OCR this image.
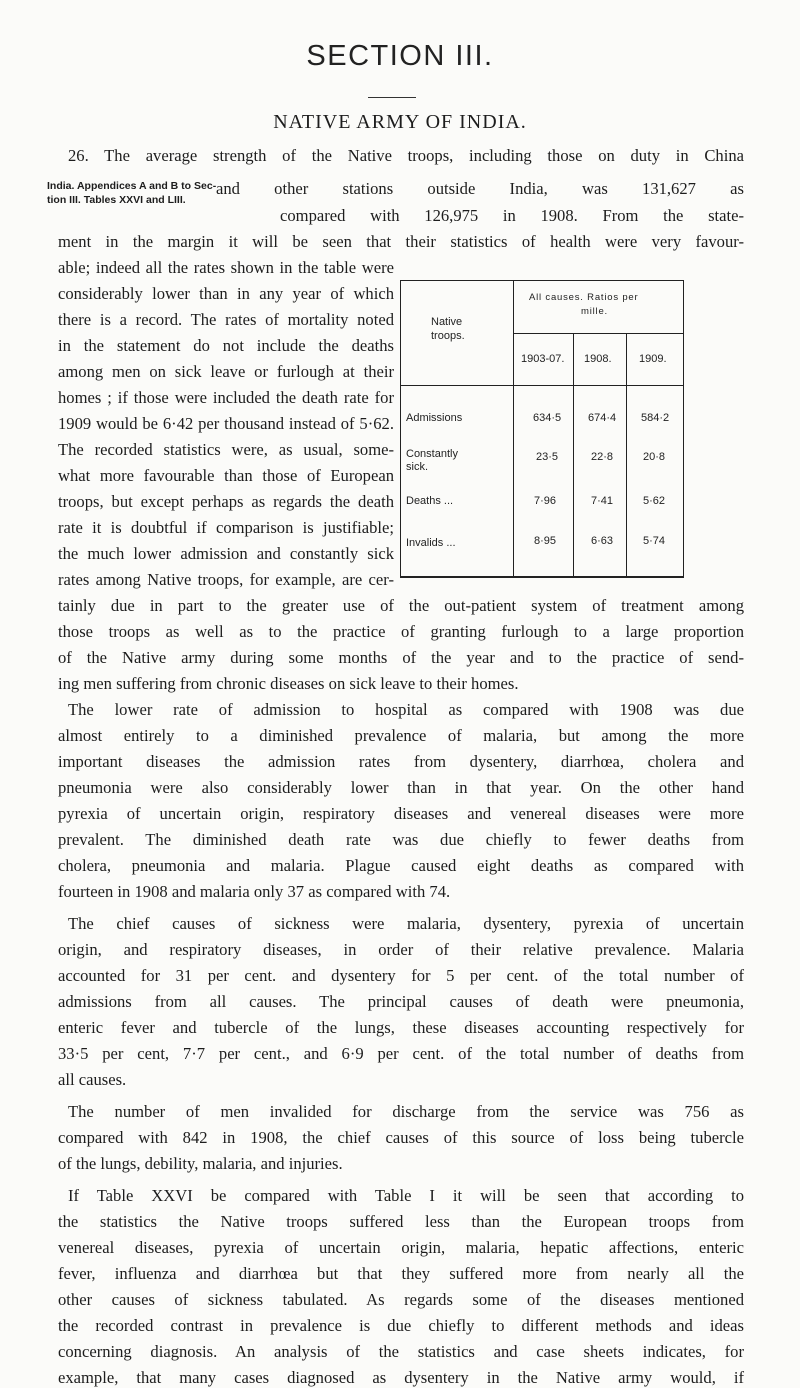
SECTION III.
NATIVE ARMY OF INDIA.
India. Appendices A and B to Sec-
tion III. Tables XXVI and LIII.
Native
troops.
All causes. Ratios per
mille.
1903-07. 1908. 1909.
Admissions	634·5 674·4 584·2
Constantly
sick.
23·5	22·8	20·8
Deaths ...	7·96	7·41	5·62
Invalids ...	8·95	6·63	5·74
26. The average strength of the Native troops, including those on duty in China
and other stations outside India, was 131,627 as
compared with 126,975 in 1908. From the state-
ment in the margin it will be seen that their statistics of health were very favour-
able; indeed all the rates shown in the table were
considerably lower than in any year of which
there is a record. The rates of mortality noted
in the statement do not include the deaths
among men on sick leave or furlough at their
homes ; if those were included the death rate for
1909 would be 6·42 per thousand instead of 5·62.
The recorded statistics were, as usual, some-
what more favourable than those of European
troops, but except perhaps as regards the death
rate it is doubtful if comparison is justifiable;
the much lower admission and constantly sick
rates among Native troops, for example, are cer-
tainly due in part to the greater use of the out-patient system of treatment among
those troops as well as to the practice of granting furlough to a large proportion
of the Native army during some months of the year and to the practice of send-
ing men suffering from chronic diseases on sick leave to their homes.
The lower rate of admission to hospital as compared with 1908 was due
almost entirely to a diminished prevalence of malaria, but among the more
important diseases the admission rates from dysentery, diarrhœa, cholera and
pneumonia were also considerably lower than in that year. On the other hand
pyrexia of uncertain origin, respiratory diseases and venereal diseases were more
prevalent. The diminished death rate was due chiefly to fewer deaths from
cholera, pneumonia and malaria. Plague caused eight deaths as compared with
fourteen in 1908 and malaria only 37 as compared with 74.
The chief causes of sickness were malaria, dysentery, pyrexia of uncertain
origin, and respiratory diseases, in order of their relative prevalence. Malaria
accounted for 31 per cent. and dysentery for 5 per cent. of the total number of
admissions from all causes. The principal causes of death were pneumonia,
enteric fever and tubercle of the lungs, these diseases accounting respectively for
33·5 per cent, 7·7 per cent., and 6·9 per cent. of the total number of deaths from
all causes.
The number of men invalided for discharge from the service was 756 as
compared with 842 in 1908, the chief causes of this source of loss being tubercle
of the lungs, debility, malaria, and injuries.
If Table XXVI be compared with Table I it will be seen that according to
the statistics the Native troops suffered less than the European troops from
venereal diseases, pyrexia of uncertain origin, malaria, hepatic affections, enteric
fever, influenza and diarrhœa but that they suffered more from nearly all the
other causes of sickness tabulated. As regards some of the diseases mentioned
the recorded contrast in prevalence is due chiefly to different methods and ideas
concerning diagnosis. An analysis of the statistics and case sheets indicates, for
example, that many cases diagnosed as dysentery in the Native army would, if
